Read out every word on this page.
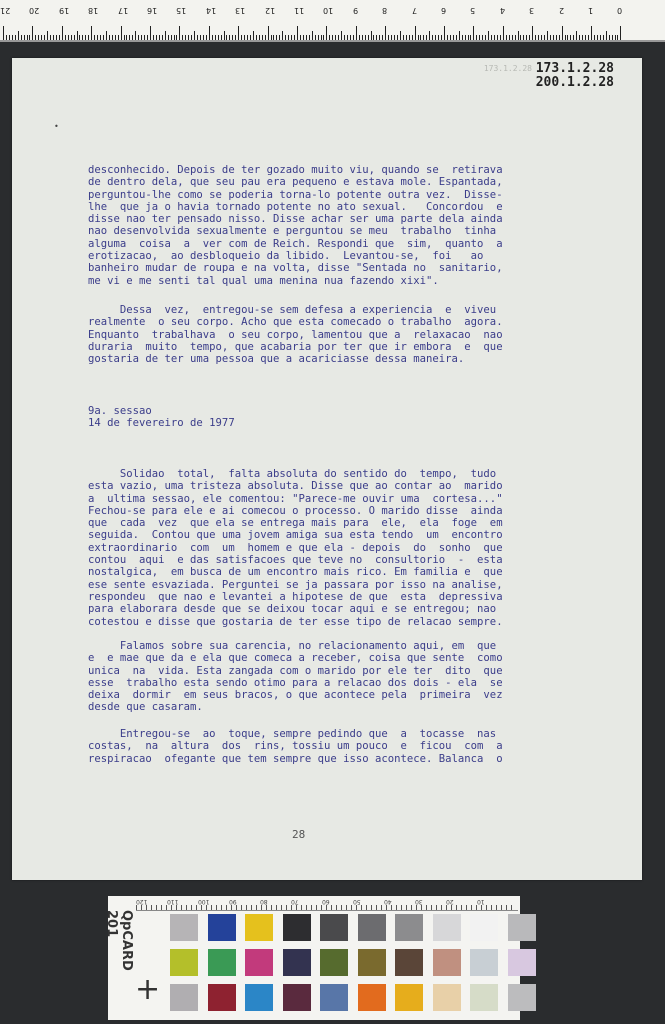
21 20 19 18 17 16 15 14 13 12 11 10 9	8	7	6	5	4	3	2	1	0
173.1.2.28 173.1.2.28
200.1.2.28
•
desconhecido. Depois de ter gozado muito viu, quando se  retirava
de dentro dela, que seu pau era pequeno e estava mole. Espantada,
perguntou-lhe como se poderia torna-lo potente outra vez.  Disse-
lhe  que ja o havia tornado potente no ato sexual.   Concordou  e
disse nao ter pensado nisso. Disse achar ser uma parte dela ainda
nao desenvolvida sexualmente e perguntou se meu  trabalho  tinha
alguma  coisa  a  ver com de Reich. Respondi que  sim,  quanto  a
erotizacao,  ao desbloqueio da libido.  Levantou-se,  foi   ao
banheiro mudar de roupa e na volta, disse "Sentada no  sanitario,
me vi e me senti tal qual uma menina nua fazendo xixi".
Dessa  vez,  entregou-se sem defesa a experiencia  e  viveu
realmente  o seu corpo. Acho que esta comecado o trabalho  agora.
Enquanto  trabalhava  o seu corpo, lamentou que a  relaxacao  nao
duraria  muito  tempo, que acabaria por ter que ir embora  e  que
gostaria de ter uma pessoa que a acariciasse dessa maneira.
9a. sessao
14 de fevereiro de 1977
Solidao  total,  falta absoluta do sentido do  tempo,  tudo
esta vazio, uma tristeza absoluta. Disse que ao contar ao  marido
a  ultima sessao, ele comentou: "Parece-me ouvir uma  cortesa..."
Fechou-se para ele e ai comecou o processo. O marido disse  ainda
que  cada  vez  que ela se entrega mais para  ele,  ela  foge  em
seguida.  Contou que uma jovem amiga sua esta tendo  um  encontro
extraordinario  com  um  homem e que ela - depois  do  sonho  que
contou  aqui  e das satisfacoes que teve no  consultorio  -  esta
nostalgica,  em busca de um encontro mais rico. Em familia e  que
ese sente esvaziada. Perguntei se ja passara por isso na analise,
respondeu  que nao e levantei a hipotese de que  esta  depressiva
para elaborara desde que se deixou tocar aqui e se entregou; nao
cotestou e disse que gostaria de ter esse tipo de relacao sempre.
Falamos sobre sua carencia, no relacionamento aqui, em  que
e  e mae que da e ela que comeca a receber, coisa que sente  como
unica  na  vida. Esta zangada com o marido por ele ter  dito  que
esse  trabalho esta sendo otimo para a relacao dos dois - ela  se
deixa  dormir  em seus bracos, o que acontece pela  primeira  vez
desde que casaram.
Entregou-se  ao  toque, sempre pedindo que  a  tocasse  nas
costas,  na  altura  dos  rins, tossiu um pouco  e  ficou  com  a
respiracao  ofegante que tem sempre que isso acontece. Balanca  o
28
120	110	100	90	80	70	60	50	40	30	20	10
QpCARD 201
+
